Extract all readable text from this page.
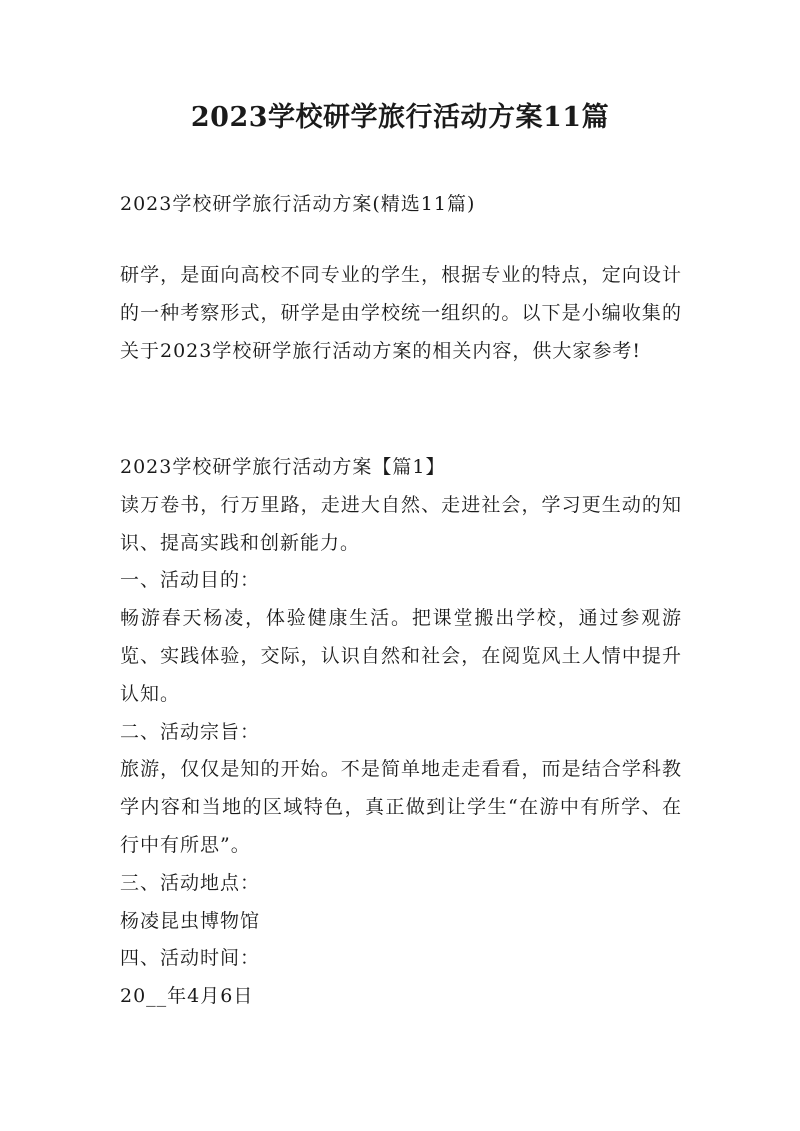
2023学校研学旅行活动方案11篇
2023学校研学旅行活动方案(精选11篇)
研学，是面向高校不同专业的学生，根据专业的特点，定向设计的一种考察形式，研学是由学校统一组织的。以下是小编收集的关于2023学校研学旅行活动方案的相关内容，供大家参考!
2023学校研学旅行活动方案【篇1】
读万卷书，行万里路，走进大自然、走进社会，学习更生动的知识、提高实践和创新能力。
一、活动目的：
畅游春天杨凌，体验健康生活。把课堂搬出学校，通过参观游览、实践体验，交际，认识自然和社会，在阅览风土人情中提升认知。
二、活动宗旨：
旅游，仅仅是知的开始。不是简单地走走看看，而是结合学科教学内容和当地的区域特色，真正做到让学生“在游中有所学、在行中有所思”。
三、活动地点：
杨凌昆虫博物馆
四、活动时间：
20__年4月6日
